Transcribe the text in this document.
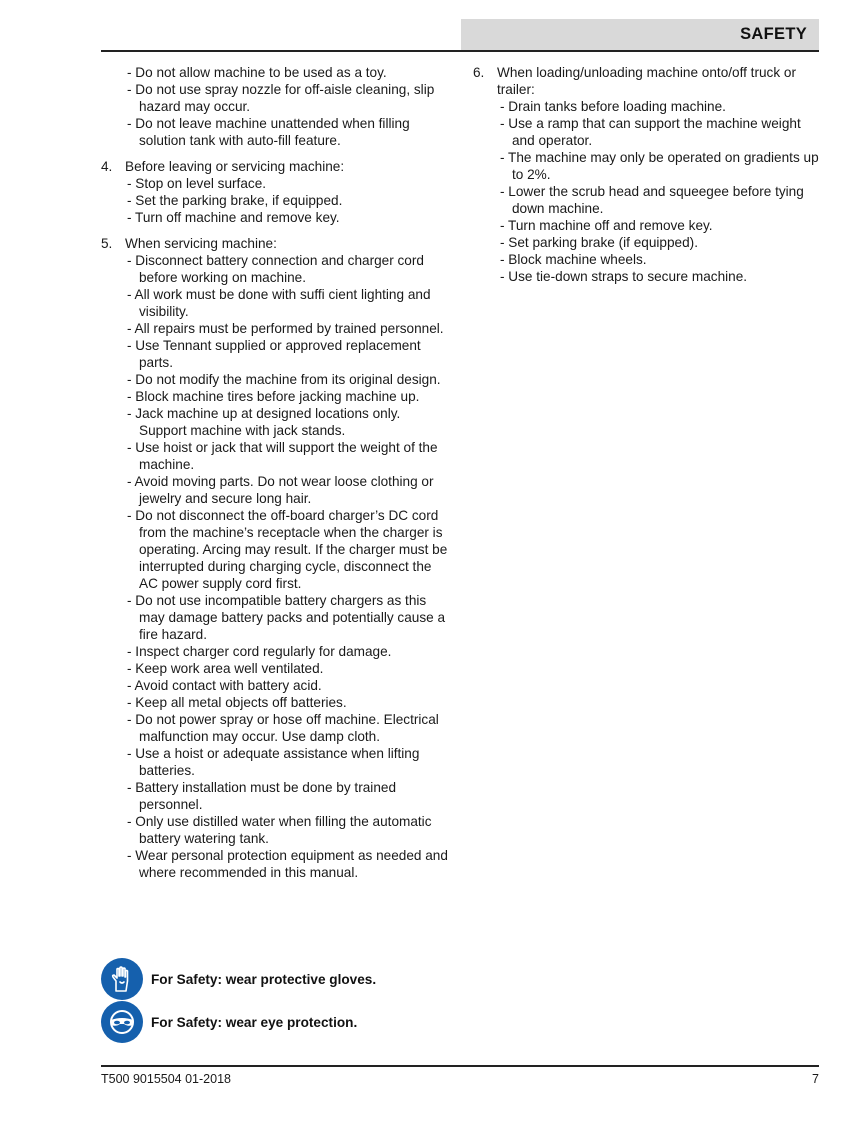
SAFETY
- Do not allow machine to be used as a toy.
- Do not use spray nozzle for off-aisle cleaning, slip hazard may occur.
- Do not leave machine unattended when filling solution tank with auto-fill feature.
4. Before leaving or servicing machine:
- Stop on level surface.
- Set the parking brake, if equipped.
- Turn off machine and remove key.
5. When servicing machine:
- Disconnect battery connection and charger cord before working on machine.
- All work must be done with suffi cient lighting and visibility.
- All repairs must be performed by trained personnel.
- Use Tennant supplied or approved replacement parts.
- Do not modify the machine from its original design.
- Block machine tires before jacking machine up.
- Jack machine up at designed locations only. Support machine with jack stands.
- Use hoist or jack that will support the weight of the machine.
- Avoid moving parts. Do not wear loose clothing or jewelry and secure long hair.
- Do not disconnect the off-board charger’s DC cord from the machine’s receptacle when the charger is operating. Arcing may result. If the charger must be interrupted during charging cycle, disconnect the AC power supply cord first.
- Do not use incompatible battery chargers as this may damage battery packs and potentially cause a fire hazard.
- Inspect charger cord regularly for damage.
- Keep work area well ventilated.
- Avoid contact with battery acid.
- Keep all metal objects off batteries.
- Do not power spray or hose off machine. Electrical malfunction may occur. Use damp cloth.
- Use a hoist or adequate assistance when lifting batteries.
- Battery installation must be done by trained personnel.
- Only use distilled water when filling the automatic battery watering tank.
- Wear personal protection equipment as needed and where recommended in this manual.
6. When loading/unloading machine onto/off truck or trailer:
- Drain tanks before loading machine.
- Use a ramp that can support the machine weight and operator.
- The machine may only be operated on gradients up to 2%.
- Lower the scrub head and squeegee before tying down machine.
- Turn machine off and remove key.
- Set parking brake (if equipped).
- Block machine wheels.
- Use tie-down straps to secure machine.
For Safety: wear protective gloves.
For Safety: wear eye protection.
T500 9015504 01-2018	7
